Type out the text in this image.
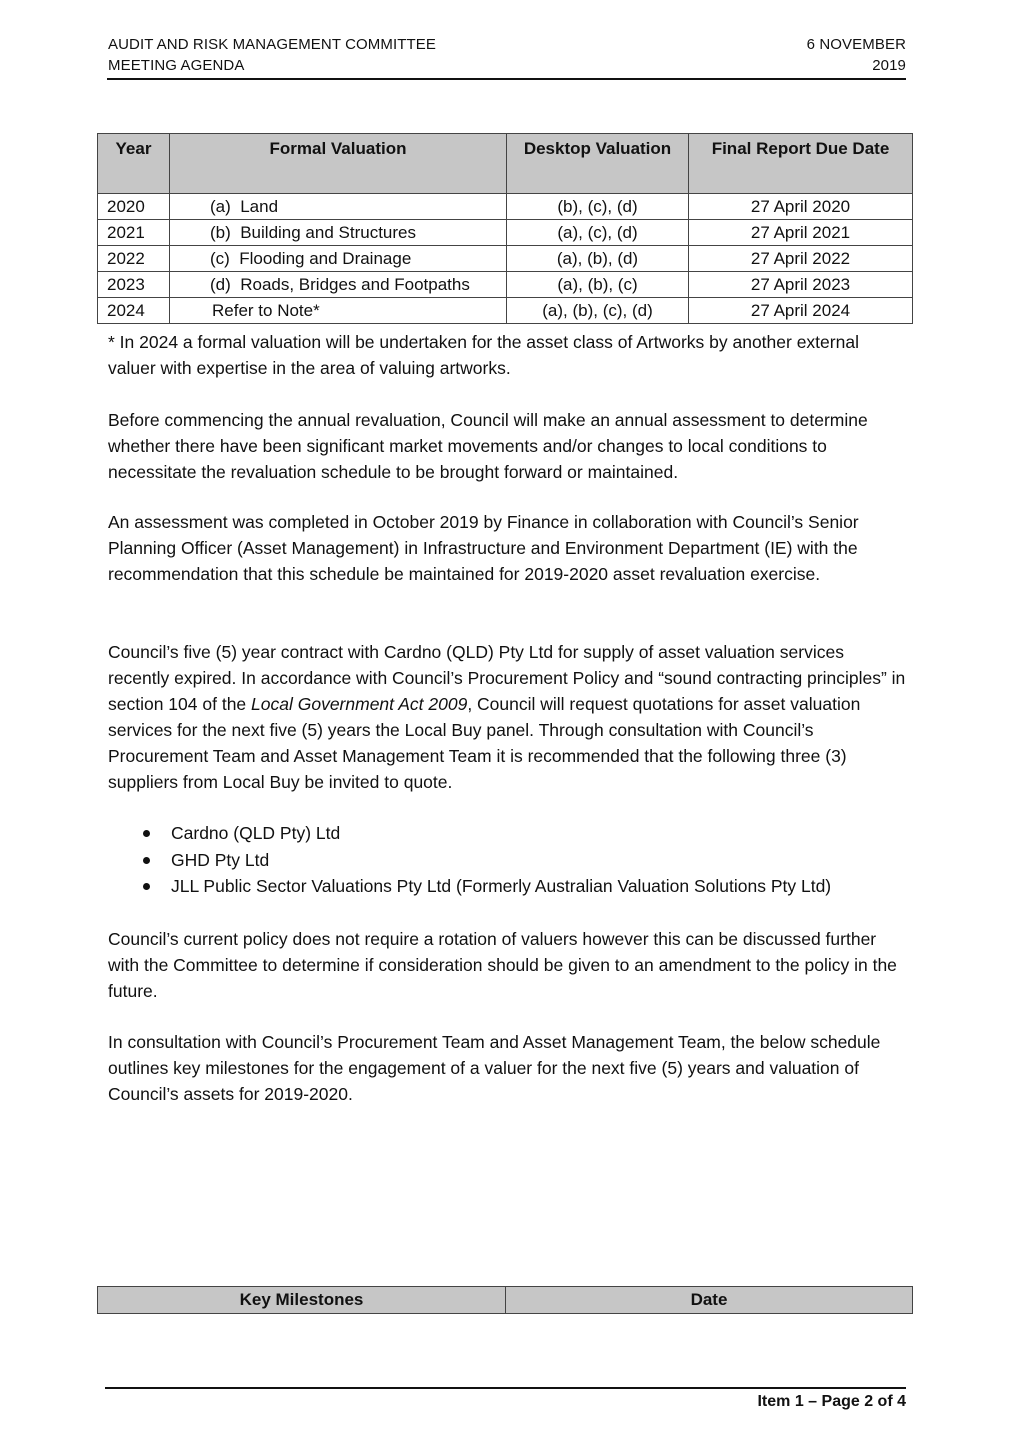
AUDIT AND RISK MANAGEMENT COMMITTEE
MEETING AGENDA
6 NOVEMBER
2019
Year	Formal Valuation	Desktop Valuation	Final Report Due Date
2020	(a)  Land	(b), (c), (d)	27 April 2020
2021	(b)  Building and Structures	(a), (c), (d)	27 April 2021
2022	(c)  Flooding and Drainage	(a), (b), (d)	27 April 2022
2023	(d)  Roads, Bridges and Footpaths	(a), (b), (c)	27 April 2023
2024	Refer to Note*	(a), (b), (c), (d)	27 April 2024

* In 2024 a formal valuation will be undertaken for the asset class of Artworks by another external valuer with expertise in the area of valuing artworks.

Before commencing the annual revaluation, Council will make an annual assessment to determine whether there have been significant market movements and/or changes to local conditions to necessitate the revaluation schedule to be brought forward or maintained.

An assessment was completed in October 2019 by Finance in collaboration with Council’s Senior Planning Officer (Asset Management) in Infrastructure and Environment Department (IE) with the recommendation that this schedule be maintained for 2019-2020 asset revaluation exercise.

Council’s five (5) year contract with Cardno (QLD) Pty Ltd for supply of asset valuation services recently expired. In accordance with Council’s Procurement Policy and “sound contracting principles” in section 104 of the Local Government Act 2009, Council will request quotations for asset valuation services for the next five (5) years the Local Buy panel. Through consultation with Council’s Procurement Team and Asset Management Team it is recommended that the following three (3) suppliers from Local Buy be invited to quote.

Cardno (QLD Pty) Ltd
GHD Pty Ltd
JLL Public Sector Valuations Pty Ltd (Formerly Australian Valuation Solutions Pty Ltd)

Council’s current policy does not require a rotation of valuers however this can be discussed further with the Committee to determine if consideration should be given to an amendment to the policy in the future.

In consultation with Council’s Procurement Team and Asset Management Team, the below schedule outlines key milestones for the engagement of a valuer for the next five (5) years and valuation of Council’s assets for 2019-2020.

Key Milestones	Date
Item 1 – Page 2 of 4
